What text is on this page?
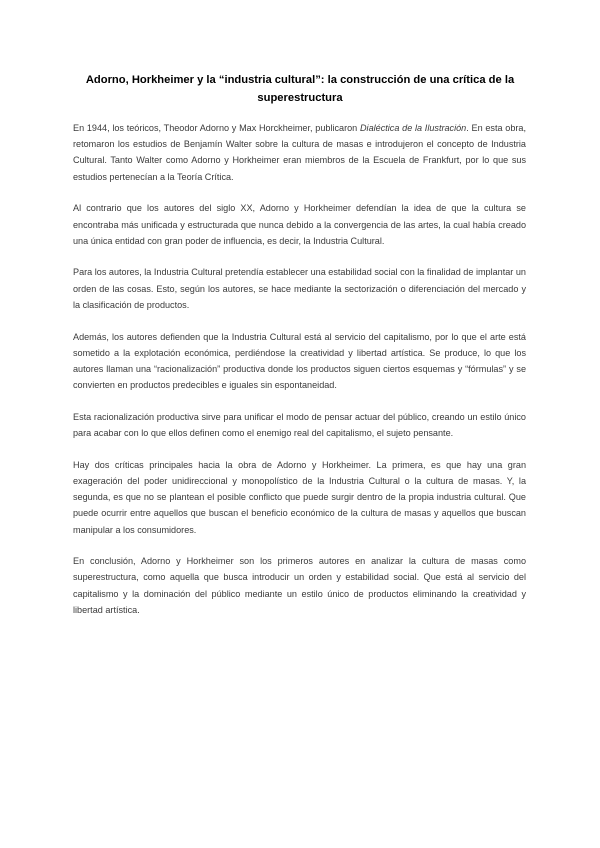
Adorno, Horkheimer y la “industria cultural”: la construcción de una crítica de la superestructura

En 1944, los teóricos, Theodor Adorno y Max Horckheimer, publicaron Dialéctica de la Ilustración. En esta obra, retomaron los estudios de Benjamín Walter sobre la cultura de masas e introdujeron el concepto de Industria Cultural. Tanto Walter como Adorno y Horkheimer eran miembros de la Escuela de Frankfurt, por lo que sus estudios pertenecían a la Teoría Crítica.

Al contrario que los autores del siglo XX, Adorno y Horkheimer defendían la idea de que la cultura se encontraba más unificada y estructurada que nunca debido a la convergencia de las artes, la cual había creado una única entidad con gran poder de influencia, es decir, la Industria Cultural.

Para los autores, la Industria Cultural pretendía establecer una estabilidad social con la finalidad de implantar un orden de las cosas. Esto, según los autores, se hace mediante la sectorización o diferenciación del mercado y la clasificación de productos.

Además, los autores defienden que la Industria Cultural está al servicio del capitalismo, por lo que el arte está sometido a la explotación económica, perdiéndose la creatividad y libertad artística. Se produce, lo que los autores llaman una “racionalización” productiva donde los productos siguen ciertos esquemas y “fórmulas” y se convierten en productos predecibles e iguales sin espontaneidad.

Esta racionalización productiva sirve para unificar el modo de pensar actuar del público, creando un estilo único para acabar con lo que ellos definen como el enemigo real del capitalismo, el sujeto pensante.

Hay dos críticas principales hacia la obra de Adorno y Horkheimer. La primera, es que hay una gran exageración del poder unidireccional y monopolístico de la Industria Cultural o la cultura de masas. Y, la segunda, es que no se plantean el posible conflicto que puede surgir dentro de la propia industria cultural. Que puede ocurrir entre aquellos que buscan el beneficio económico de la cultura de masas y aquellos que buscan manipular a los consumidores.

En conclusión, Adorno y Horkheimer son los primeros autores en analizar la cultura de masas como superestructura, como aquella que busca introducir un orden y estabilidad social. Que está al servicio del capitalismo y la dominación del público mediante un estilo único de productos eliminando la creatividad y libertad artística.
